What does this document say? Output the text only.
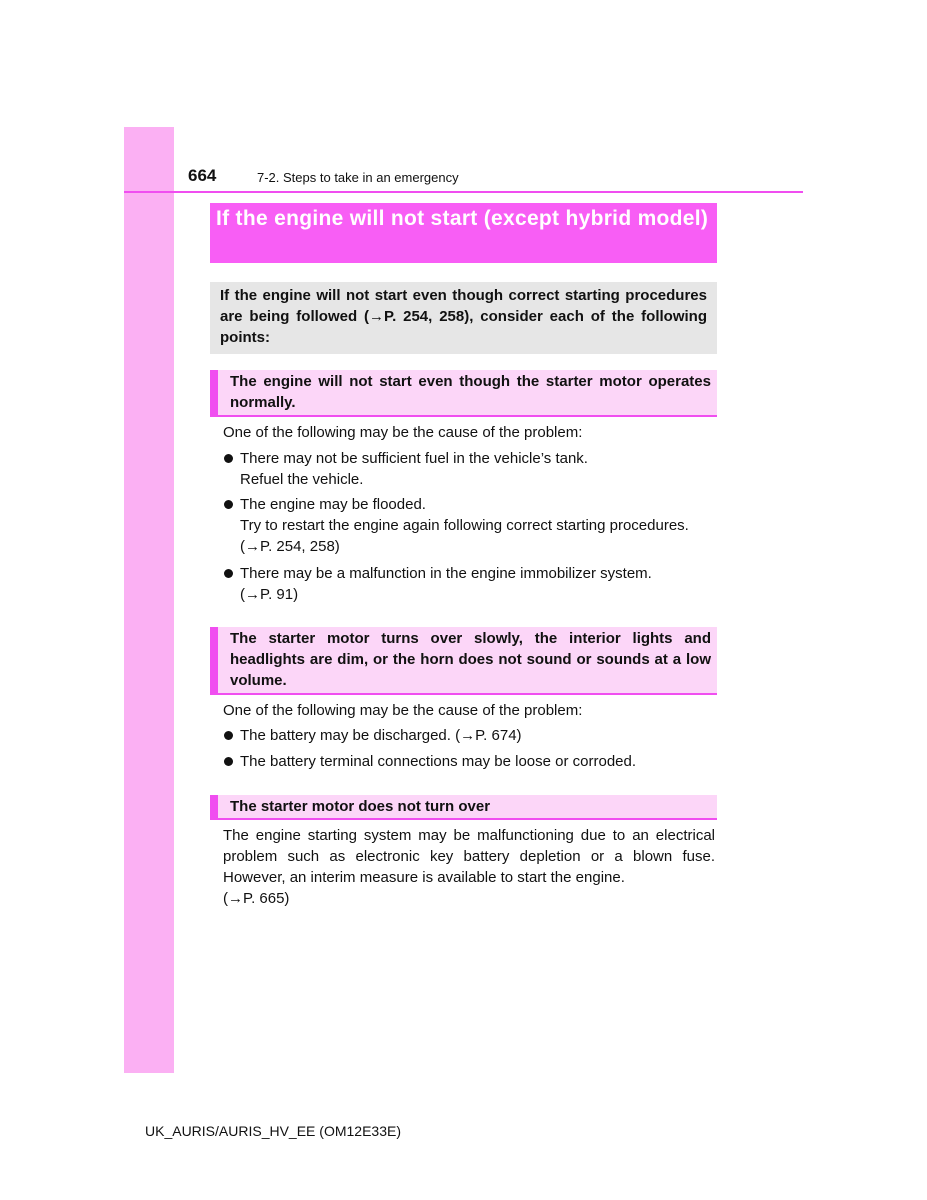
664	7-2. Steps to take in an emergency
If the engine will not start (except hybrid model)
If the engine will not start even though correct starting procedures are being followed (→P. 254, 258), consider each of the following points:
The engine will not start even though the starter motor operates normally.
One of the following may be the cause of the problem:
There may not be sufficient fuel in the vehicle’s tank.
Refuel the vehicle.
The engine may be flooded.
Try to restart the engine again following correct starting procedures.
(→P. 254, 258)
There may be a malfunction in the engine immobilizer system.
(→P. 91)
The starter motor turns over slowly, the interior lights and headlights are dim, or the horn does not sound or sounds at a low volume.
One of the following may be the cause of the problem:
The battery may be discharged. (→P. 674)
The battery terminal connections may be loose or corroded.
The starter motor does not turn over
The engine starting system may be malfunctioning due to an electrical problem such as electronic key battery depletion or a blown fuse. However, an interim measure is available to start the engine.
(→P. 665)
UK_AURIS/AURIS_HV_EE (OM12E33E)
